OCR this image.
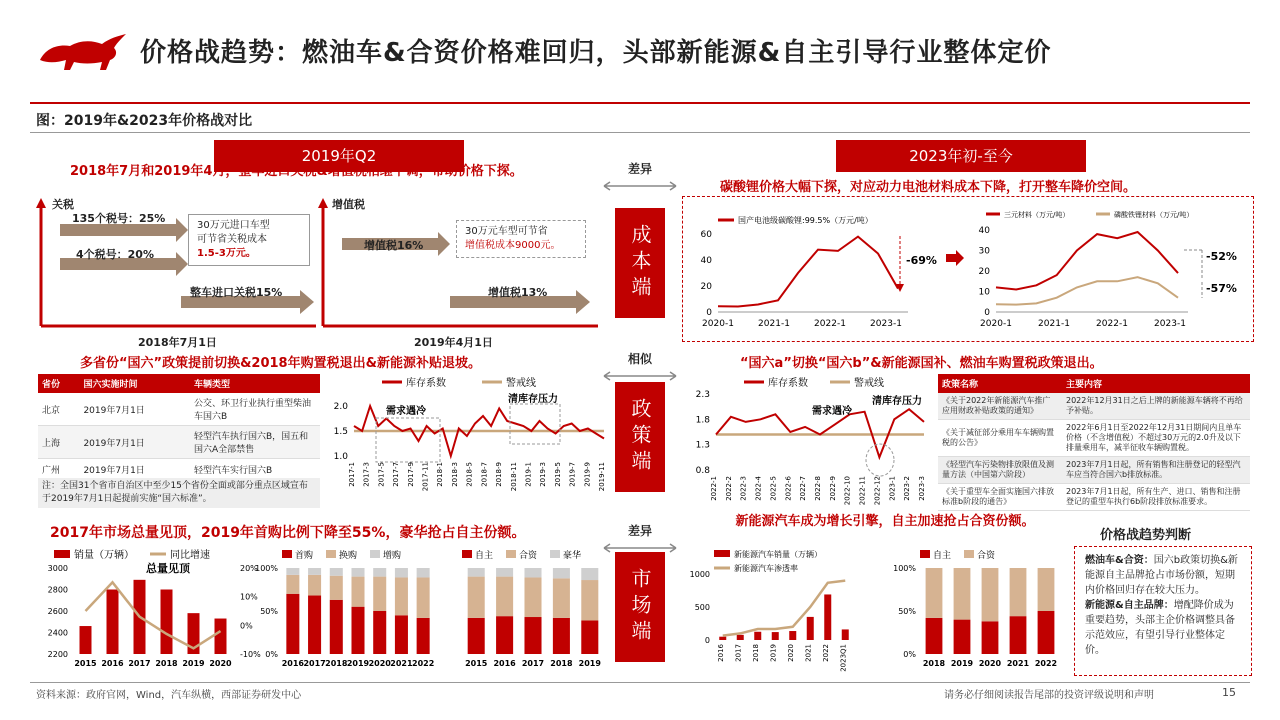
价格战趋势：燃油车&合资价格难回归，头部新能源&自主引导行业整体定价
图：2019年&2023年价格战对比
2019年Q2	2023年初-至今
差异
相似
差异
成本端
政策端
市场端
2018年7月和2019年4月，整车进口关税&增值税相继下调，带动价格下探。
关税
135个税号：25%
4个税号：20%
30万元进口车型
可节省关税成本
1.5-3万元。
整车进口关税15%
2018年7月1日
增值税
增值税16%
30万元车型可节省
增值税成本9000元。
增值税13%
2019年4月1日
碳酸锂价格大幅下探，对应动力电池材料成本下降，打开整车降价空间。
国产电池级碳酸锂:99.5%（万元/吨）
60
40
20
0
2020-1	2021-1	2022-1	2023-1
-69%
三元材料（万元/吨）	磷酸铁锂材料（万元/吨）
40
30
20
10
0
2020-1	2021-1	2022-1	2023-1
-52%
-57%
多省份“国六”政策提前切换&2018年购置税退出&新能源补贴退坡。
省份	国六实施时间	车辆类型
北京	2019年7月1日	公交、环卫行业执行重型柴油车国六B
上海	2019年7月1日	轻型汽车执行国六B，国五和国六A全部禁售
广州	2019年7月1日	轻型汽车实行国六B
注：全国31个省市自治区中至少15个省份全面或部分重点区域宣布于2019年7月1日起提前实施“国六标准”。
库存系数	警戒线
2.0
1.5
1.0
2017-1 2017-3 2017-5 2017-7 2017-9 2017-11 2018-1 2018-3 2018-5 2018-7 2018-9 2018-11 2019-1 2019-3 2019-5 2019-7 2019-9 2019-11
需求遇冷
清库存压力
“国六a”切换“国六b”&新能源国补、燃油车购置税政策退出。
库存系数	警戒线
2.3
1.8
1.3
0.8
2022-1 2022-2 2022-3 2022-4 2022-5 2022-6 2022-7 2022-8 2022-9 2022-10 2022-11 2022-12 2023-1 2023-2 2023-3
需求遇冷
清库存压力
政策名称	主要内容
《关于2022年新能源汽车推广应用财政补贴政策的通知》	2022年12月31日之后上牌的新能源车辆将不再给予补贴。
《关于减征部分乘用车车辆购置税的公告》	2022年6月1日至2022年12月31日期间内且单车价格（不含增值税）不超过30万元的2.0升及以下排量乘用车，减半征收车辆购置税。
《轻型汽车污染物排放限值及测量方法（中国第六阶段）	2023年7月1日起，所有销售和注册登记的轻型汽车应当符合国六b排放标准。
《关于重型车全面实施国六排放标准b阶段的通告》	2023年7月1日起，所有生产、进口、销售和注册登记的重型车执行6b阶段排放标准要求。
2017年市场总量见顶，2019年首购比例下降至55%，豪华抢占自主份额。
销量（万辆）	同比增速
总量见顶
3000
2800
2600
2400
2200
20%
10%
0%
-10%
2015 2016 2017 2018 2019 2020
首购	换购	增购
100%
50%
0%
2016 2017 2018 2019 2020 2021 2022
自主	合资	豪华
2015 2016 2017 2018 2019
新能源汽车成为增长引擎，自主加速抢占合资份额。
新能源汽车销量（万辆）
新能源汽车渗透率
1000
500
0
2016 2017 2018 2019 2020 2021 2022 2023Q1
自主	合资
100%
50%
0%
2018 2019 2020 2021 2022
价格战趋势判断
燃油车&合资：国六b政策切换&新能源自主品牌抢占市场份额，短期内价格回归存在较大压力。
新能源&自主品牌：增配降价成为重要趋势，头部主企价格调整具备示范效应，有望引导行业整体定价。
资料来源：政府官网，Wind，汽车纵横，西部证券研发中心	请务必仔细阅读报告尾部的投资评级说明和声明	15
